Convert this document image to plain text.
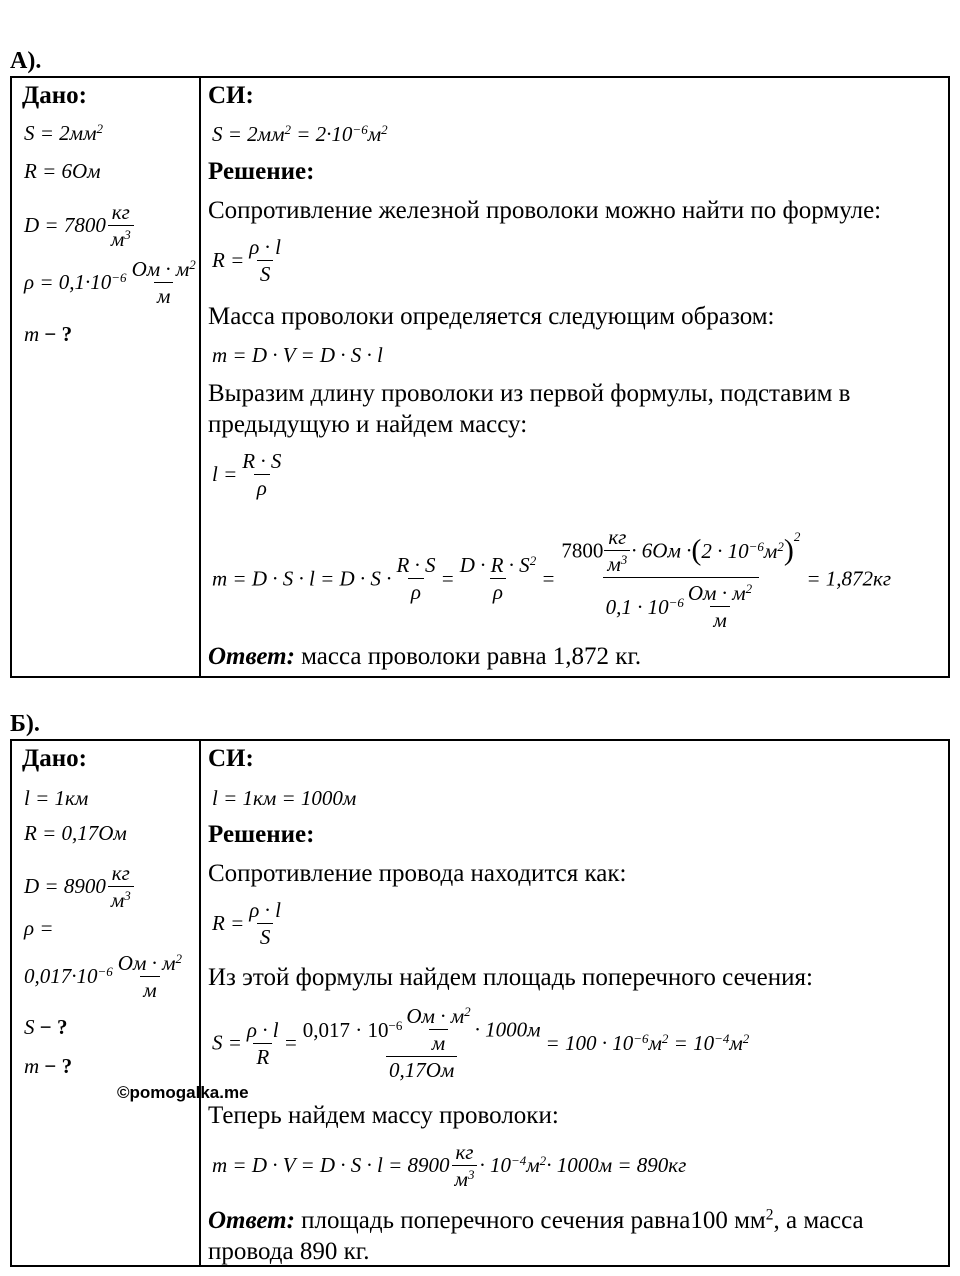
А).
Дано:
$S = 2мм^2$
R = 6Ом
$D = 7800 \frac{кг}{м^3}$
$\rho = 0,1\cdot 10^{-6} \frac{Ом \cdot м^2}{м}$
m − ?
СИ:
$S = 2мм^2 = 2\cdot 10^{-6}м^2$
Решение:
Сопротивление железной проволоки можно найти по формуле:
$R = \frac{\rho \cdot l}{S}$
Масса проволоки определяется следующим образом:
m = D · V = D · S · l
Выразим длину проволоки из первой формулы, подставим в
предыдущую и найдем массу:
$l = \frac{R \cdot S}{\rho}$
$m = D \cdot S \cdot l = D \cdot S \cdot \frac{R \cdot S}{\rho} = \frac{D \cdot R \cdot S^2}{\rho} = \frac{7800 \frac{кг}{м^3} \cdot 6Ом \cdot(2 \cdot 10^{-6}м^2)^2}{0,1 \cdot 10^{-6} \frac{Ом \cdot м^2}{м}} = 1,872кг$
Ответ: масса проволоки равна 1,872 кг.
Б).
Дано:
l = 1км
R = 0,17Ом
$D = 8900 \frac{кг}{м^3}$
ρ =
$0,017\cdot 10^{-6} \frac{Ом \cdot м^2}{м}$
S − ?
m − ?
©pomogalka.me
СИ:
l = 1км = 1000м
Решение:
Сопротивление провода находится как:
$R = \frac{\rho \cdot l}{S}$
Из этой формулы найдем площадь поперечного сечения:
$S = \frac{\rho \cdot l}{R} = \frac{0,017 \cdot 10^{-6} \frac{Ом \cdot м^2}{м} \cdot 1000м}{0,17Ом} = 100 \cdot 10^{-6}м^2 = 10^{-4}м^2$
Теперь найдем массу проволоки:
$m = D \cdot V = D \cdot S \cdot l = 8900 \frac{кг}{м^3} \cdot 10^{-4}м^2\cdot 1000м = 890кг$
Ответ: площадь поперечного сечения равна100 $мм^2$, а масса
провода 890 кг.
